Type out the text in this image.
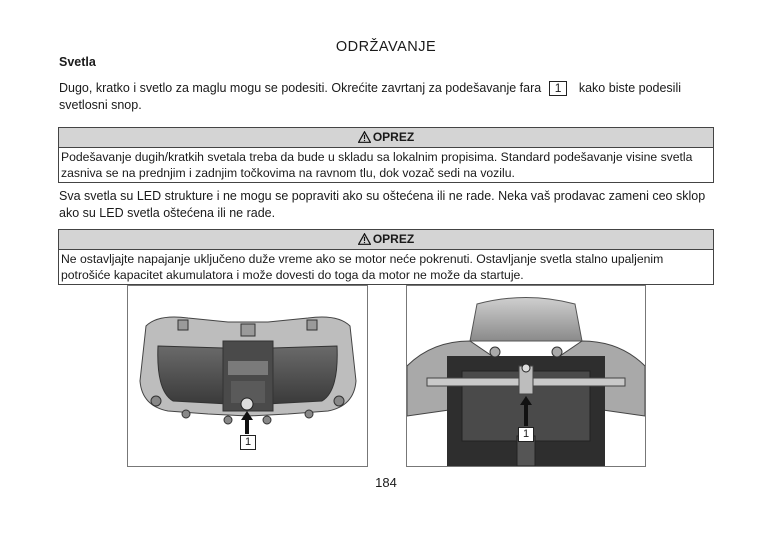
ODRŽAVANJE
Svetla
Dugo, kratko i svetlo za maglu mogu se podesiti. Okrećite zavrtanj za podešavanje fara 1 kako biste podesili svetlosni snop.
OPREZ
Podešavanje dugih/kratkih svetala treba da bude u skladu sa lokalnim propisima. Standard podešavanje visine svetla zasniva se na prednjim i zadnjim točkovima na ravnom tlu, dok vozač sedi na vozilu.
Sva svetla su LED strukture i ne mogu se popraviti ako su oštećena ili ne rade. Neka vaš prodavac zameni ceo sklop ako su LED svetla oštećena ili ne rade.
OPREZ
Ne ostavljajte napajanje uključeno duže vreme ako se motor neće pokrenuti. Ostavljanje svetla stalno upaljenim potrošiće kapacitet akumulatora i može dovesti do toga da motor ne može da startuje.
1
1
184
